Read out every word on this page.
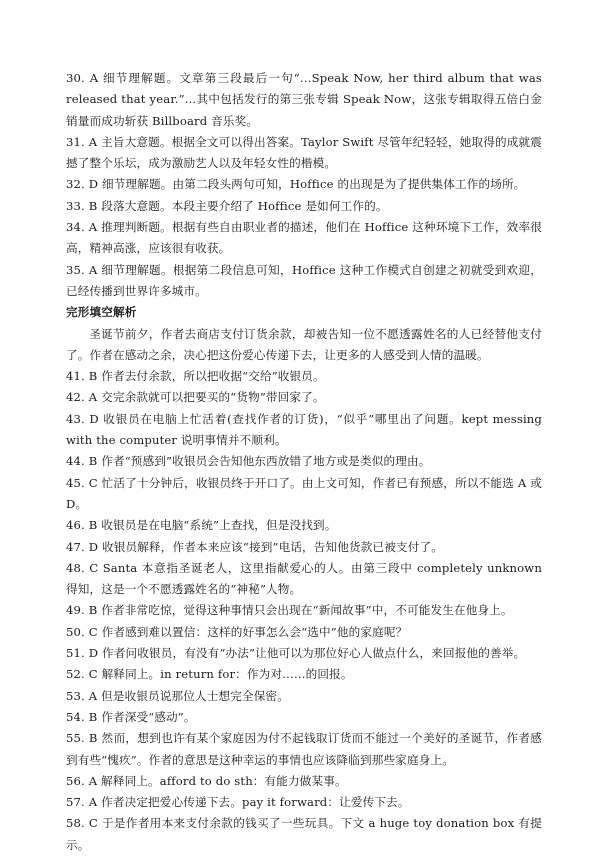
30. A 细节理解题。文章第三段最后一句“…Speak Now, her third album that was released that year.”…其中包括发行的第三张专辑 Speak Now，这张专辑取得五倍白金销量而成功斩获 Billboard 音乐奖。

31. A 主旨大意题。根据全文可以得出答案。Taylor Swift 尽管年纪轻轻，她取得的成就震撼了整个乐坛，成为激励艺人以及年轻女性的楷模。

32. D 细节理解题。由第二段头两句可知，Hoffice 的出现是为了提供集体工作的场所。

33. B 段落大意题。本段主要介绍了 Hoffice 是如何工作的。

34. A 推理判断题。根据有些自由职业者的描述，他们在 Hoffice 这种环境下工作，效率很高，精神高涨，应该很有收获。

35. A 细节理解题。根据第二段信息可知，Hoffice 这种工作模式自创建之初就受到欢迎，已经传播到世界许多城市。

完形填空解析

圣诞节前夕，作者去商店支付订货余款，却被告知一位不愿透露姓名的人已经替他支付了。作者在感动之余，决心把这份爱心传递下去，让更多的人感受到人情的温暖。

41. B 作者去付余款，所以把收据“交给”收银员。

42. A 交完余款就可以把要买的“货物”带回家了。

43. D 收银员在电脑上忙活着(查找作者的订货)，“似乎”哪里出了问题。kept messing with the computer 说明事情并不顺利。

44. B 作者“预感到”收银员会告知他东西放错了地方或是类似的理由。

45. C 忙活了十分钟后，收银员终于开口了。由上文可知，作者已有预感，所以不能选 A 或 D。

46. B 收银员是在电脑“系统”上查找，但是没找到。

47. D 收银员解释，作者本来应该“接到”电话，告知他货款已被支付了。

48. C Santa 本意指圣诞老人，这里指献爱心的人。由第三段中 completely unknown 得知，这是一个不愿透露姓名的“神秘”人物。

49. B 作者非常吃惊，觉得这种事情只会出现在“新闻故事”中，不可能发生在他身上。

50. C 作者感到难以置信：这样的好事怎么会“选中”他的家庭呢？

51. D 作者问收银员，有没有“办法”让他可以为那位好心人做点什么，来回报他的善举。

52. C 解释同上。in return for：作为对……的回报。

53. A 但是收银员说那位人士想完全保密。

54. B 作者深受“感动”。

55. B 然而，想到也许有某个家庭因为付不起钱取订货而不能过一个美好的圣诞节，作者感到有些“愧疚”。作者的意思是这种幸运的事情也应该降临到那些家庭身上。

56. A 解释同上。afford to do sth：有能力做某事。

57. A 作者决定把爱心传递下去。pay it forward：让爱传下去。

58. C 于是作者用本来支付余款的钱买了一些玩具。下文 a huge toy donation box 有提示。
